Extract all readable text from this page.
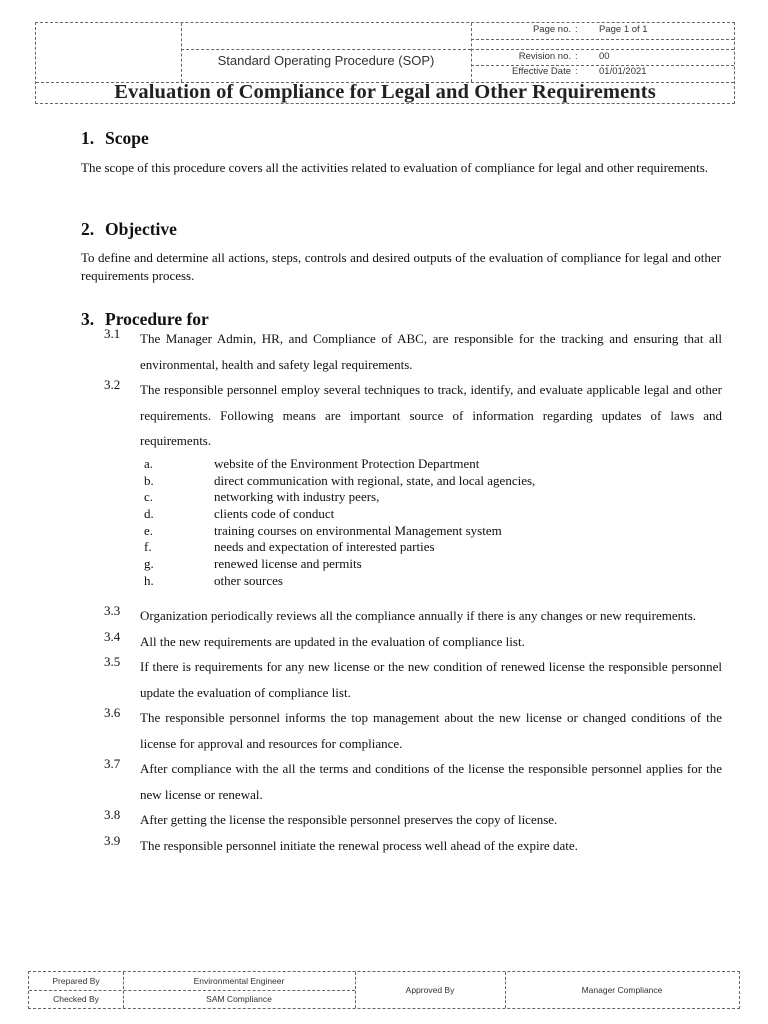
Standard Operating Procedure (SOP)
Page no. : Page 1 of 1
Revision no. : 00
Effective Date : 01/01/2021
Evaluation of Compliance for Legal and Other Requirements
1. Scope
The scope of this procedure covers all the activities related to evaluation of compliance for legal and other requirements.
2. Objective
To define and determine all actions, steps, controls and desired outputs of the evaluation of compliance for legal and other requirements process.
3. Procedure for
3.1 The Manager Admin, HR, and Compliance of ABC, are responsible for the tracking and ensuring that all environmental, health and safety legal requirements.
3.2 The responsible personnel employ several techniques to track, identify, and evaluate applicable legal and other requirements. Following means are important source of information regarding updates of laws and requirements.
a.	website of the Environment Protection Department
b.	direct communication with regional, state, and local agencies,
c.	networking with industry peers,
d.	clients code of conduct
e.	training courses on environmental Management system
f.	needs and expectation of interested parties
g.	renewed license and permits
h.	other sources
3.3 Organization periodically reviews all the compliance annually if there is any changes or new requirements.
3.4 All the new requirements are updated in the evaluation of compliance list.
3.5 If there is requirements for any new license or the new condition of renewed license the responsible personnel update the evaluation of compliance list.
3.6 The responsible personnel informs the top management about the new license or changed conditions of the license for approval and resources for compliance.
3.7 After compliance with the all the terms and conditions of the license the responsible personnel applies for the new license or renewal.
3.8 After getting the license the responsible personnel preserves the copy of license.
3.9 The responsible personnel initiate the renewal process well ahead of the expire date.
Prepared By	Environmental Engineer
Checked By	SAM Compliance
Approved By	Manager Compliance
